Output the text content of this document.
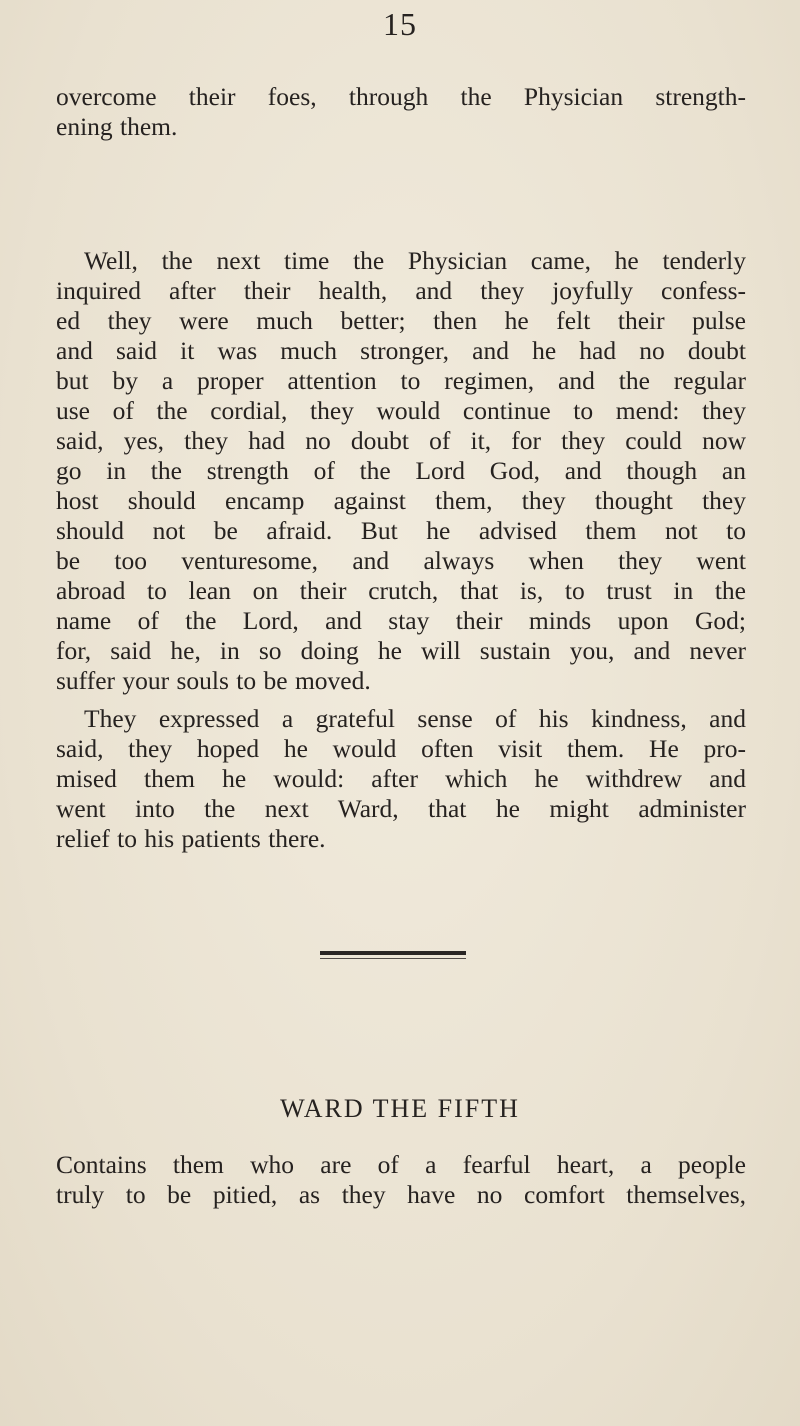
15

overcome their foes, through the Physician strength-
ening them.

Well, the next time the Physician came, he tenderly
inquired after their health, and they joyfully confess-
ed they were much better; then he felt their pulse
and said it was much stronger, and he had no doubt
but by a proper attention to regimen, and the regular
use of the cordial, they would continue to mend: they
said, yes, they had no doubt of it, for they could now
go in the strength of the Lord God, and though an
host should encamp against them, they thought they
should not be afraid. But he advised them not to
be too venturesome, and always when they went
abroad to lean on their crutch, that is, to trust in the
name of the Lord, and stay their minds upon God;
for, said he, in so doing he will sustain you, and never
suffer your souls to be moved.

They expressed a grateful sense of his kindness, and
said, they hoped he would often visit them. He pro-
mised them he would: after which he withdrew and
went into the next Ward, that he might administer
relief to his patients there.

WARD THE FIFTH

Contains them who are of a fearful heart, a people
truly to be pitied, as they have no comfort themselves,
